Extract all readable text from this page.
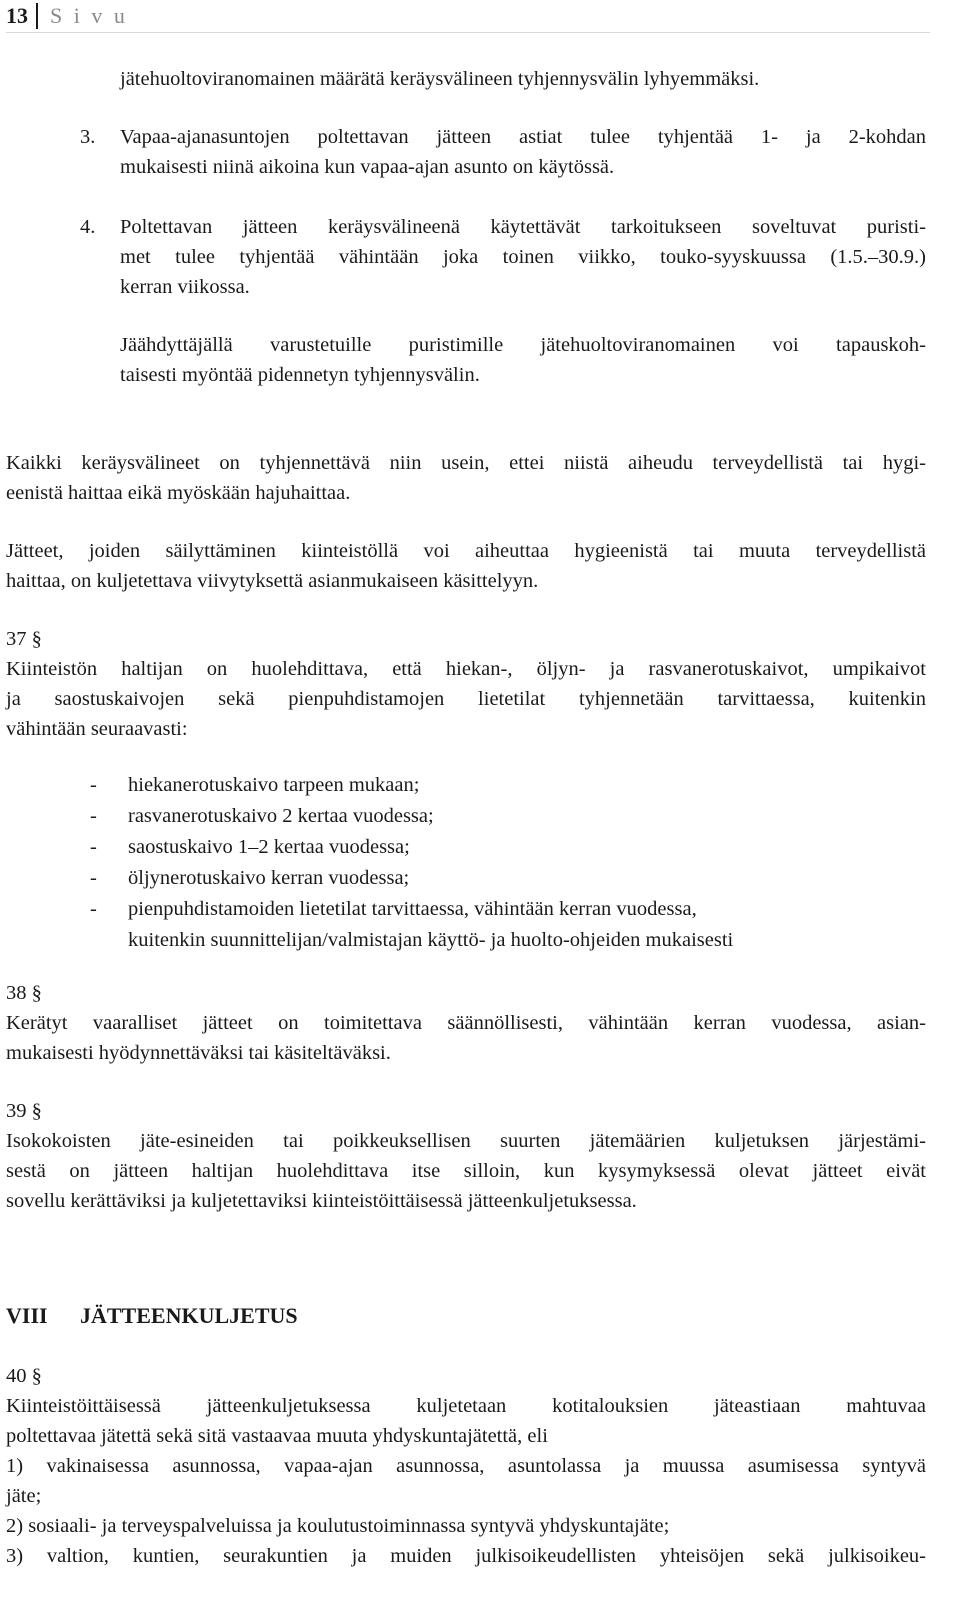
13 S i v u

jätehuoltoviranomainen määrätä keräysvälineen tyhjennysvälin lyhyemmäksi.

3. Vapaa-ajanasuntojen poltettavan jätteen astiat tulee tyhjentää 1- ja 2-kohdan
mukaisesti niinä aikoina kun vapaa-ajan asunto on käytössä.

4. Poltettavan jätteen keräysvälineenä käytettävät tarkoitukseen soveltuvat puristi-
met tulee tyhjentää vähintään joka toinen viikko, touko-syyskuussa (1.5.–30.9.)
kerran viikossa.

Jäähdyttäjällä varustetuille puristimille jätehuoltoviranomainen voi tapauskoh-
taisesti myöntää pidennetyn tyhjennysvälin.

Kaikki keräysvälineet on tyhjennettävä niin usein, ettei niistä aiheudu terveydellistä tai hygi-
eenistä haittaa eikä myöskään hajuhaittaa.

Jätteet, joiden säilyttäminen kiinteistöllä voi aiheuttaa hygieenistä tai muuta terveydellistä
haittaa, on kuljetettava viivytyksettä asianmukaiseen käsittelyyn.

37 §

Kiinteistön haltijan on huolehdittava, että hiekan-, öljyn- ja rasvanerotuskaivot, umpikaivot
ja saostuskaivojen sekä pienpuhdistamojen lietetilat tyhjennetään tarvittaessa, kuitenkin
vähintään seuraavasti:

- hiekanerotuskaivo tarpeen mukaan;
- rasvanerotuskaivo 2 kertaa vuodessa;
- saostuskaivo 1–2 kertaa vuodessa;
- öljynerotuskaivo kerran vuodessa;
- pienpuhdistamoiden lietetilat tarvittaessa, vähintään kerran vuodessa,
kuitenkin suunnittelijan/valmistajan käyttö- ja huolto-ohjeiden mukaisesti
38 §

Kerätyt vaaralliset jätteet on toimitettava säännöllisesti, vähintään kerran vuodessa, asian-
mukaisesti hyödynnettäväksi tai käsiteltäväksi.

39 §

Isokokoisten jäte-esineiden tai poikkeuksellisen suurten jätemäärien kuljetuksen järjestämi-
sestä on jätteen haltijan huolehdittava itse silloin, kun kysymyksessä olevat jätteet eivät
sovellu kerättäviksi ja kuljetettaviksi kiinteistöittäisessä jätteenkuljetuksessa.

VIII JÄTTEENKULJETUS
40 §

Kiinteistöittäisessä jätteenkuljetuksessa kuljetetaan kotitalouksien jäteastiaan mahtuvaa
poltettavaa jätettä sekä sitä vastaavaa muuta yhdyskuntajätettä, eli
1) vakinaisessa asunnossa, vapaa-ajan asunnossa, asuntolassa ja muussa asumisessa syntyvä
jäte;
2) sosiaali- ja terveyspalveluissa ja koulutustoiminnassa syntyvä yhdyskuntajäte;
3) valtion, kuntien, seurakuntien ja muiden julkisoikeudellisten yhteisöjen sekä julkisoikeu-
